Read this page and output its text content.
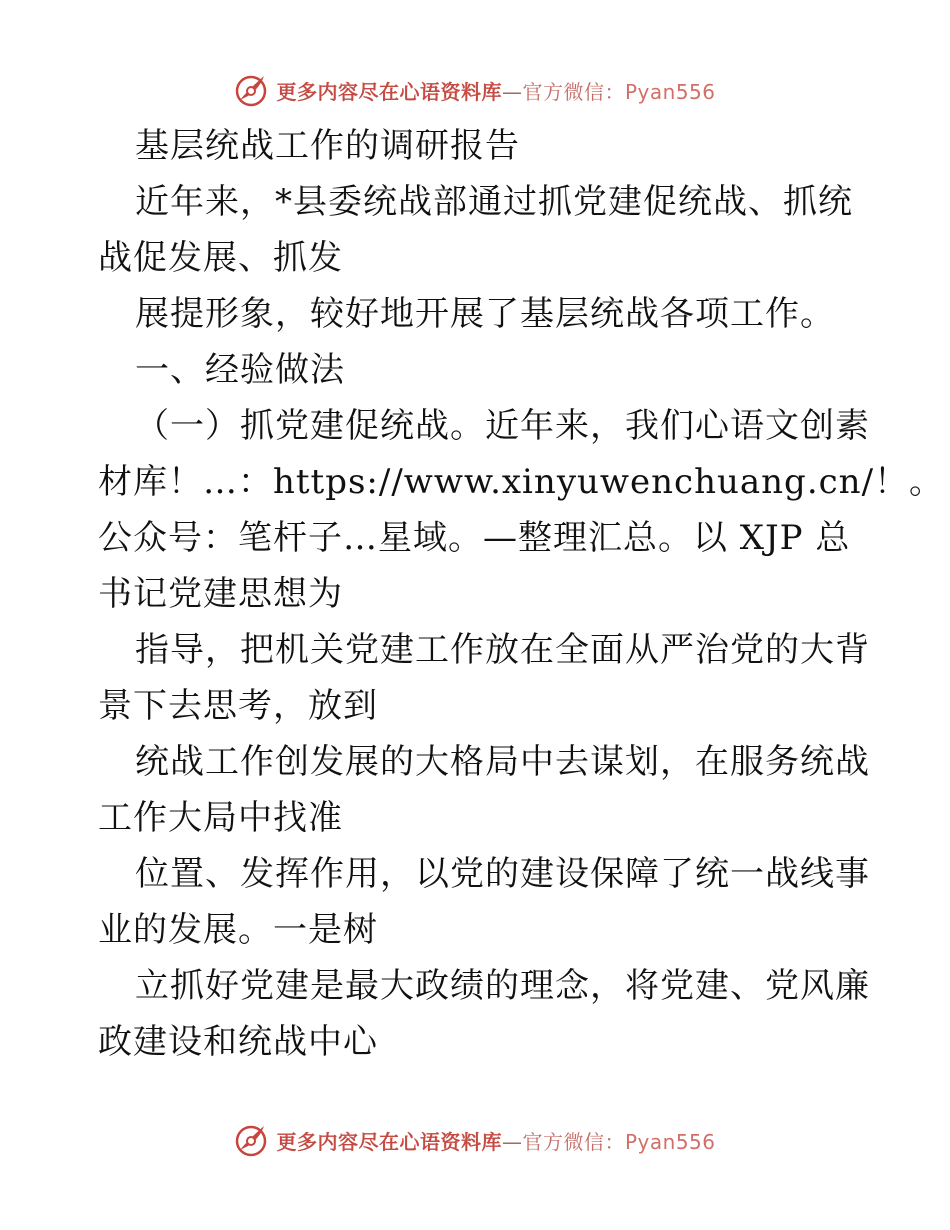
更多内容尽在心语资料库—官方微信：Pyan556
基层统战工作的调研报告
近年来，*县委统战部通过抓党建促统战、抓统
战促发展、抓发
展提形象，较好地开展了基层统战各项工作。
一、经验做法
（一）抓党建促统战。近年来，我们心语文创素
材库！…：https://www.xinyuwenchuang.cn/！。
公众号：笔杆子…星域。—整理汇总。以 XJP 总
书记党建思想为
指导，把机关党建工作放在全面从严治党的大背
景下去思考，放到
统战工作创发展的大格局中去谋划，在服务统战
工作大局中找准
位置、发挥作用，以党的建设保障了统一战线事
业的发展。一是树
立抓好党建是最大政绩的理念，将党建、党风廉
政建设和统战中心
更多内容尽在心语资料库—官方微信：Pyan556
